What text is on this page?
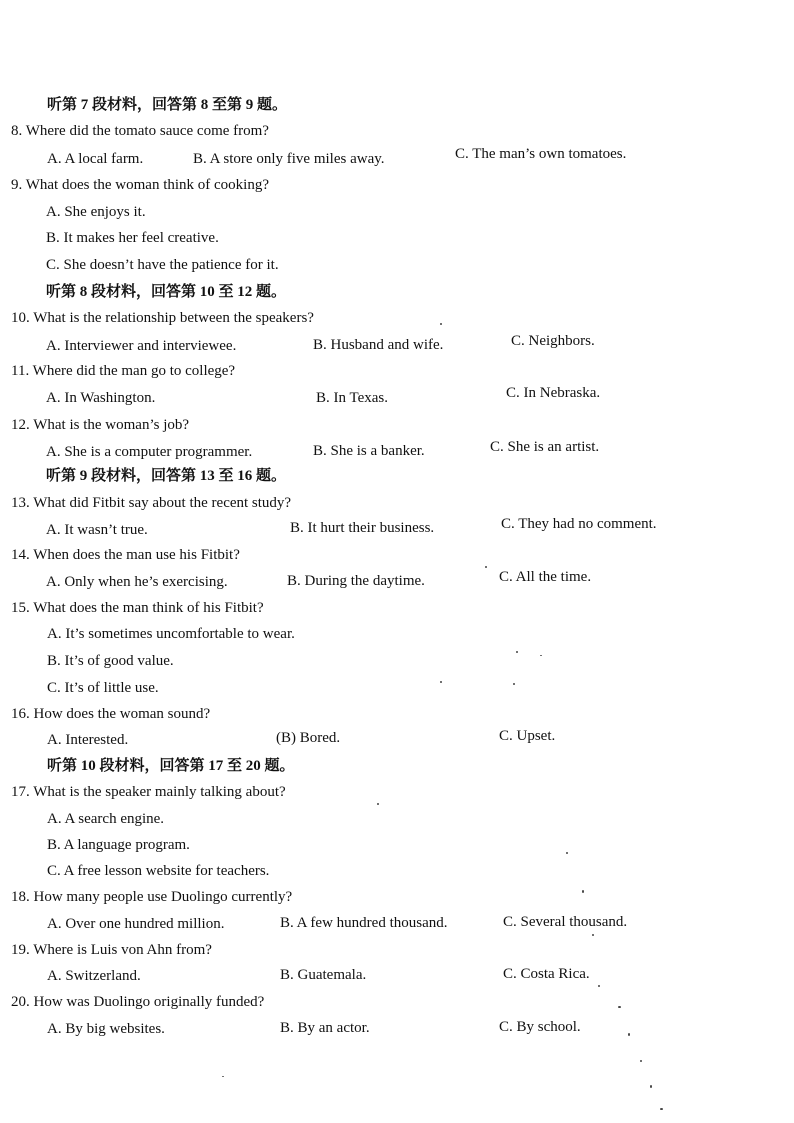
听第 7 段材料，回答第 8 至第 9 题。
8. Where did the tomato sauce come from?
A. A local farm.	B. A store only five miles away.	C. The man’s own tomatoes.
9. What does the woman think of cooking?
A. She enjoys it.
B. It makes her feel creative.
C. She doesn’t have the patience for it.
听第 8 段材料，回答第 10 至 12 题。
10. What is the relationship between the speakers?
A. Interviewer and interviewee.	B. Husband and wife.	C. Neighbors.
11. Where did the man go to college?
A. In Washington.	B. In Texas.	C. In Nebraska.
12. What is the woman’s job?
A. She is a computer programmer.	B. She is a banker.	C. She is an artist.
听第 9 段材料，回答第 13 至 16 题。
13. What did Fitbit say about the recent study?
A. It wasn’t true.	B. It hurt their business.	C. They had no comment.
14. When does the man use his Fitbit?
A. Only when he’s exercising.	B. During the daytime.	C. All the time.
15. What does the man think of his Fitbit?
A. It’s sometimes uncomfortable to wear.
B. It’s of good value.
C. It’s of little use.
16. How does the woman sound?
A. Interested.	(B) Bored.	C. Upset.
听第 10 段材料，回答第 17 至 20 题。
17. What is the speaker mainly talking about?
A. A search engine.
B. A language program.
C. A free lesson website for teachers.
18. How many people use Duolingo currently?
A. Over one hundred million.	B. A few hundred thousand.	C. Several thousand.
19. Where is Luis von Ahn from?
A. Switzerland.	B. Guatemala.	C. Costa Rica.
20. How was Duolingo originally funded?
A. By big websites.	B. By an actor.	C. By school.
